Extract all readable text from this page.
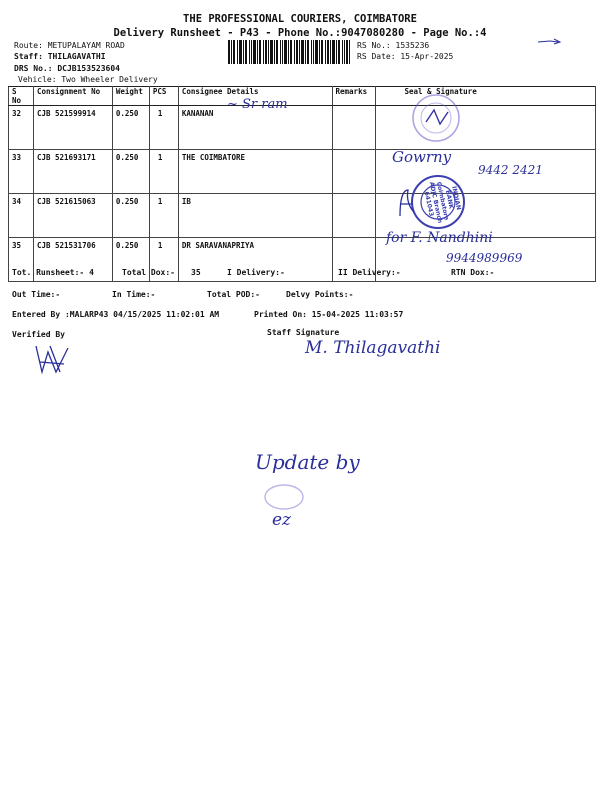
THE PROFESSIONAL COURIERS, COIMBATORE
Delivery Runsheet - P43 - Phone No.:9047080280 - Page No.:4
Route: METUPALAYAM ROAD
Staff: THILAGAVATHI
DRS No.: DCJB153523604
Vehicle: Two Wheeler Delivery
RS No.: 1535236
RS Date: 15-Apr-2025
S No	Consignment No	Weight	PCS	Consignee Details	Remarks	Seal & Signature
32	CJB 521599914	0.250	1	KANANAN		
33	CJB 521693171	0.250	1	THE COIMBATORE		
34	CJB 521615063	0.250	1	IB		
35	CJB 521531706	0.250	1	DR SARAVANAPRIYA		
~ Sr ram
Gowrny
9442 2421
for F. Nandhini
9944989969
INDIAN BANK Coimbatore ADJC Branch 641043
Tot. Runsheet:- 4	Total Dox:- 35	I Delivery:-	II Delivery:-	RTN Dox:-
Out Time:-	In Time:-	Total POD:-	Delvy Points:-
Entered By :MALARP43 04/15/2025 11:02:01 AM	Printed On: 15-04-2025 11:03:57
Verified By	Staff Signature
M. Thilagavathi
Update by
ez
